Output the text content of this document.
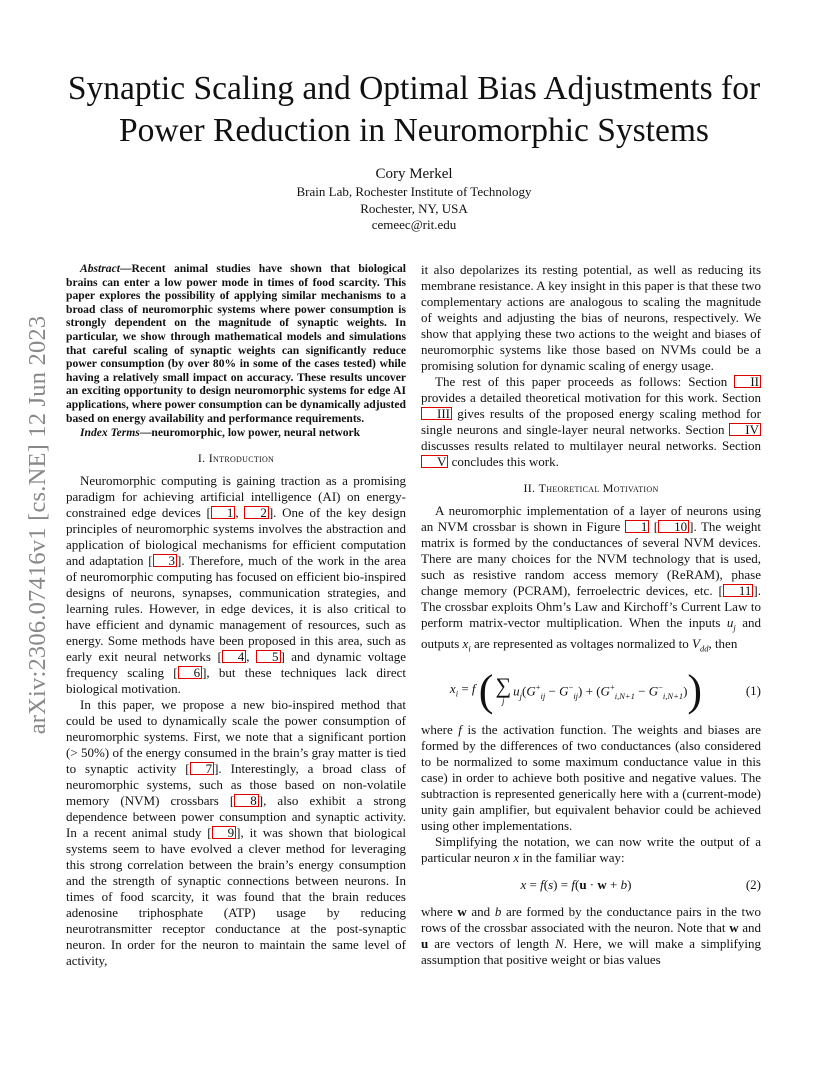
arXiv:2306.07416v1 [cs.NE] 12 Jun 2023
Synaptic Scaling and Optimal Bias Adjustments for Power Reduction in Neuromorphic Systems
Cory Merkel
Brain Lab, Rochester Institute of Technology
Rochester, NY, USA
cemeec@rit.edu

Abstract—Recent animal studies have shown that biological brains can enter a low power mode in times of food scarcity. This paper explores the possibility of applying similar mechanisms to a broad class of neuromorphic systems where power consumption is strongly dependent on the magnitude of synaptic weights. In particular, we show through mathematical models and simulations that careful scaling of synaptic weights can significantly reduce power consumption (by over 80% in some of the cases tested) while having a relatively small impact on accuracy. These results uncover an exciting opportunity to design neuromorphic systems for edge AI applications, where power consumption can be dynamically adjusted based on energy availability and performance requirements.

Index Terms—neuromorphic, low power, neural network

I. Introduction

Neuromorphic computing is gaining traction as a promising paradigm for achieving artificial intelligence (AI) on energy-constrained edge devices [ 1 , 2 ]. One of the key design principles of neuromorphic systems involves the abstraction and application of biological mechanisms for efficient computation and adaptation [ 3 ]. Therefore, much of the work in the area of neuromorphic computing has focused on efficient bio-inspired designs of neurons, synapses, communication strategies, and learning rules. However, in edge devices, it is also critical to have efficient and dynamic management of resources, such as energy. Some methods have been proposed in this area, such as early exit neural networks [ 4 , 5 ] and dynamic voltage frequency scaling [ 6 ], but these techniques lack direct biological motivation.

In this paper, we propose a new bio-inspired method that could be used to dynamically scale the power consumption of neuromorphic systems. First, we note that a significant portion (> 50%) of the energy consumed in the brain’s gray matter is tied to synaptic activity [ 7 ]. Interestingly, a broad class of neuromorphic systems, such as those based on non-volatile memory (NVM) crossbars [ 8 ], also exhibit a strong dependence between power consumption and synaptic activity. In a recent animal study [ 9 ], it was shown that biological systems seem to have evolved a clever method for leveraging this strong correlation between the brain’s energy consumption and the strength of synaptic connections between neurons. In times of food scarcity, it was found that the brain reduces adenosine triphosphate (ATP) usage by reducing neurotransmitter receptor conductance at the post-synaptic neuron. In order for the neuron to maintain the same level of activity,

it also depolarizes its resting potential, as well as reducing its membrane resistance. A key insight in this paper is that these two complementary actions are analogous to scaling the magnitude of weights and adjusting the bias of neurons, respectively. We show that applying these two actions to the weight and biases of neuromorphic systems like those based on NVMs could be a promising solution for dynamic scaling of energy usage.

The rest of this paper proceeds as follows: Section II provides a detailed theoretical motivation for this work. Section III gives results of the proposed energy scaling method for single neurons and single-layer neural networks. Section IV discusses results related to multilayer neural networks. Section V concludes this work.

II. Theoretical Motivation

A neuromorphic implementation of a layer of neurons using an NVM crossbar is shown in Figure 1 [ 10 ]. The weight matrix is formed by the conductances of several NVM devices. There are many choices for the NVM technology that is used, such as resistive random access memory (ReRAM), phase change memory (PCRAM), ferroelectric devices, etc. [ 11 ]. The crossbar exploits Ohm’s Law and Kirchoff’s Current Law to perform matrix-vector multiplication. When the inputs $u_j$ and outputs $x_i$ are represented as voltages normalized to $V_{dd}$, then

$x_i = f$ ( ∑
j
$u_j(G^+_{ij} - G^-_{ij}) + (G^+_{i,N+1} - G^-_{i,N+1})$ )	(1)

where f is the activation function. The weights and biases are formed by the differences of two conductances (also considered to be normalized to some maximum conductance value in this case) in order to achieve both positive and negative values. The subtraction is represented generically here with a (current-mode) unity gain amplifier, but equivalent behavior could be achieved using other implementations.

Simplifying the notation, we can now write the output of a particular neuron x in the familiar way:

x = f(s) = f(u · w + b)	(2)

where w and b are formed by the conductance pairs in the two rows of the crossbar associated with the neuron. Note that w and u are vectors of length N. Here, we will make a simplifying assumption that positive weight or bias values
